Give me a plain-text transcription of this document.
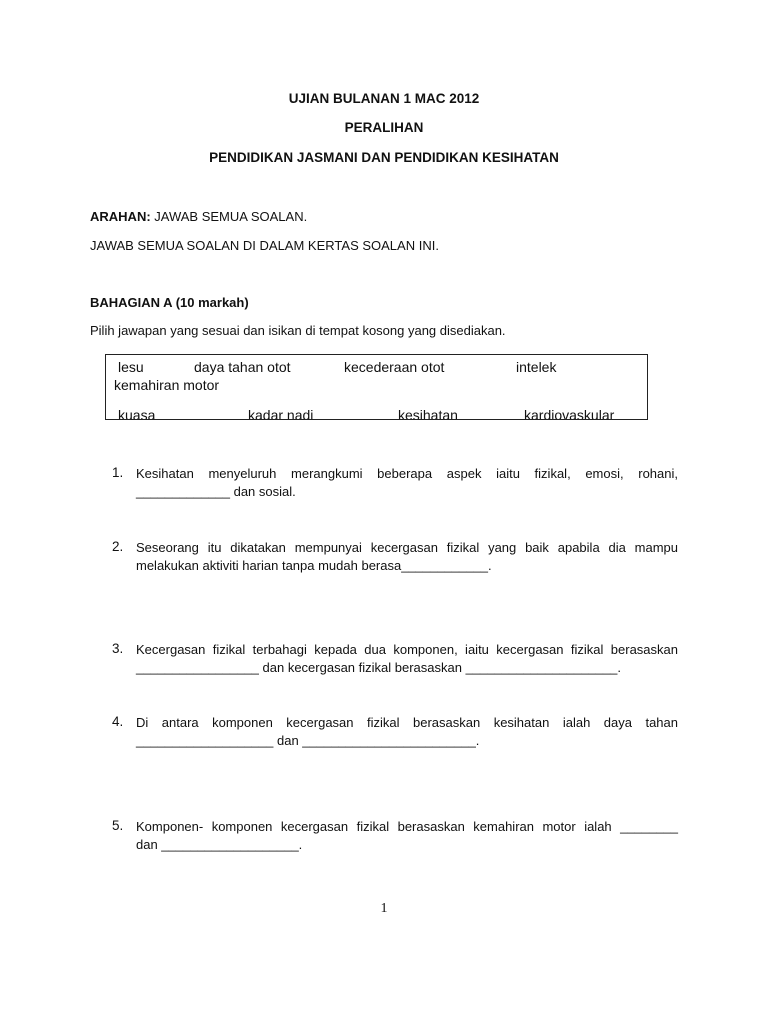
UJIAN BULANAN 1 MAC 2012
PERALIHAN
PENDIDIKAN JASMANI DAN PENDIDIKAN KESIHATAN
ARAHAN: JAWAB SEMUA SOALAN.
JAWAB SEMUA SOALAN DI DALAM KERTAS SOALAN INI.
BAHAGIAN A (10 markah)
Pilih jawapan yang sesuai dan isikan di tempat kosong yang disediakan.
lesu	daya tahan otot	kecederaan otot	intelek
kemahiran motor
kuasa	kadar nadi	kesihatan	kardiovaskular
1. Kesihatan menyeluruh merangkumi beberapa aspek iaitu fizikal, emosi, rohani,
_____________ dan sosial.
2. Seseorang itu dikatakan mempunyai kecergasan fizikal yang baik apabila dia mampu
melakukan aktiviti harian tanpa mudah berasa____________.
3. Kecergasan fizikal terbahagi kepada dua komponen, iaitu kecergasan fizikal berasaskan
_________________ dan kecergasan fizikal berasaskan _____________________.
4. Di antara komponen kecergasan fizikal berasaskan kesihatan ialah daya tahan
___________________ dan ________________________.
5. Komponen- komponen kecergasan fizikal berasaskan kemahiran motor ialah ________
dan ___________________.
1
